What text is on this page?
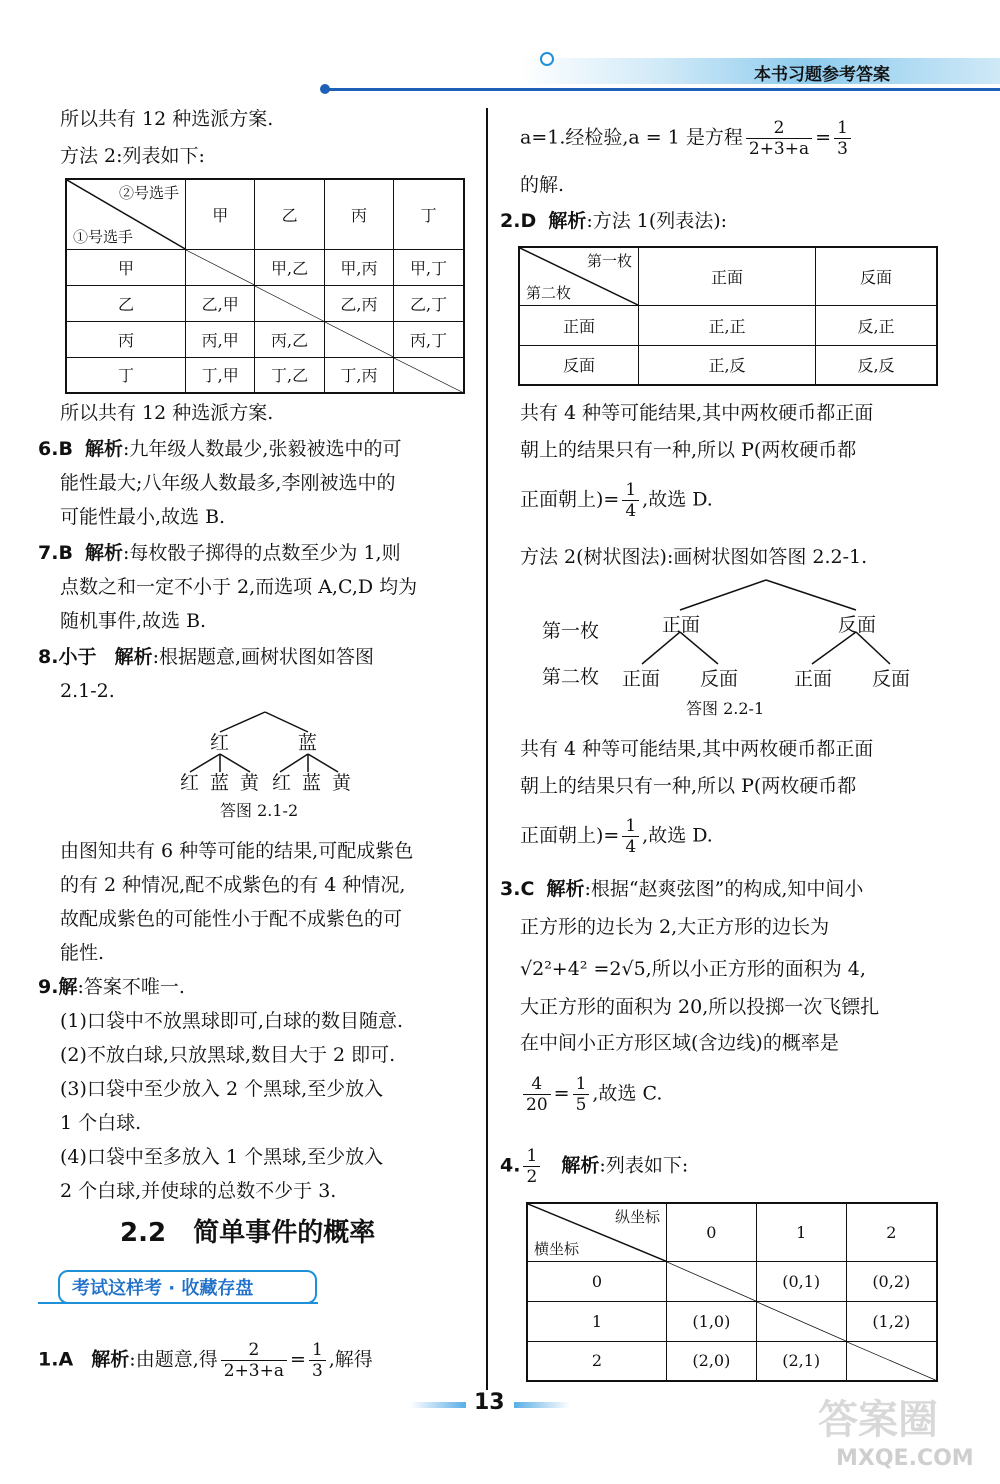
本书习题参考答案
所以共有 12 种选派方案.
方法 2:列表如下:
②号选手
①号选手	甲	乙	丙	丁
甲		甲,乙	甲,丙	甲,丁
乙	乙,甲		乙,丙	乙,丁
丙	丙,甲	丙,乙		丙,丁
丁	丁,甲	丁,乙	丁,丙	
所以共有 12 种选派方案.
6.B 解析:九年级人数最少,张毅被选中的可
能性最大;八年级人数最多,李刚被选中的
可能性最小,故选 B.
7.B 解析:每枚骰子掷得的点数至少为 1,则
点数之和一定不小于 2,而选项 A,C,D 均为
随机事件,故选 B.
8.小于 解析:根据题意,画树状图如答图
2.1-2.
红	蓝
红 蓝 黄 红 蓝 黄
答图 2.1-2
由图知共有 6 种等可能的结果,可配成紫色
的有 2 种情况,配不成紫色的有 4 种情况,
故配成紫色的可能性小于配不成紫色的可
能性.
9.解:答案不唯一.
(1)口袋中不放黑球即可,白球的数目随意.
(2)不放白球,只放黑球,数目大于 2 即可.
(3)口袋中至少放入 2 个黑球,至少放入
1 个白球.
(4)口袋中至多放入 1 个黑球,至少放入
2 个白球,并使球的总数不少于 3.
2.2 简单事件的概率
考试这样考 · 收藏存盘
1.A 解析:由题意,得 $\frac{2}{2+3+a} = \frac{1}{3}$ ,解得
a=1.经检验,a = 1 是方程 $\frac{2}{2+3+a} = \frac{1}{3}$
的解.
2.D 解析:方法 1(列表法):
第一枚
第二枚	正面	反面
正面	正,正	反,正
反面	正,反	反,反
共有 4 种等可能结果,其中两枚硬币都正面
朝上的结果只有一种,所以 P(两枚硬币都
正面朝上)= $\frac{1}{4}$ ,故选 D.
方法 2(树状图法):画树状图如答图 2.2-1.
第一枚
第二枚
正面	反面
正面 反面	正面 反面
答图 2.2-1
共有 4 种等可能结果,其中两枚硬币都正面
朝上的结果只有一种,所以 P(两枚硬币都
正面朝上)= $\frac{1}{4}$ ,故选 D.
3.C 解析:根据“赵爽弦图”的构成,知中间小
正方形的边长为 2,大正方形的边长为
√2²+4² =2√5,所以小正方形的面积为 4,
大正方形的面积为 20,所以投掷一次飞镖扎
在中间小正方形区域(含边线)的概率是
$\frac{4}{20} = \frac{1}{5}$ ,故选 C.
4. $\frac{1}{2}$ 解析:列表如下:
纵坐标
横坐标	0	1	2
0		(0,1)	(0,2)
1	(1,0)		(1,2)
2	(2,0)	(2,1)	
13	答案圈
MXQE.COM
